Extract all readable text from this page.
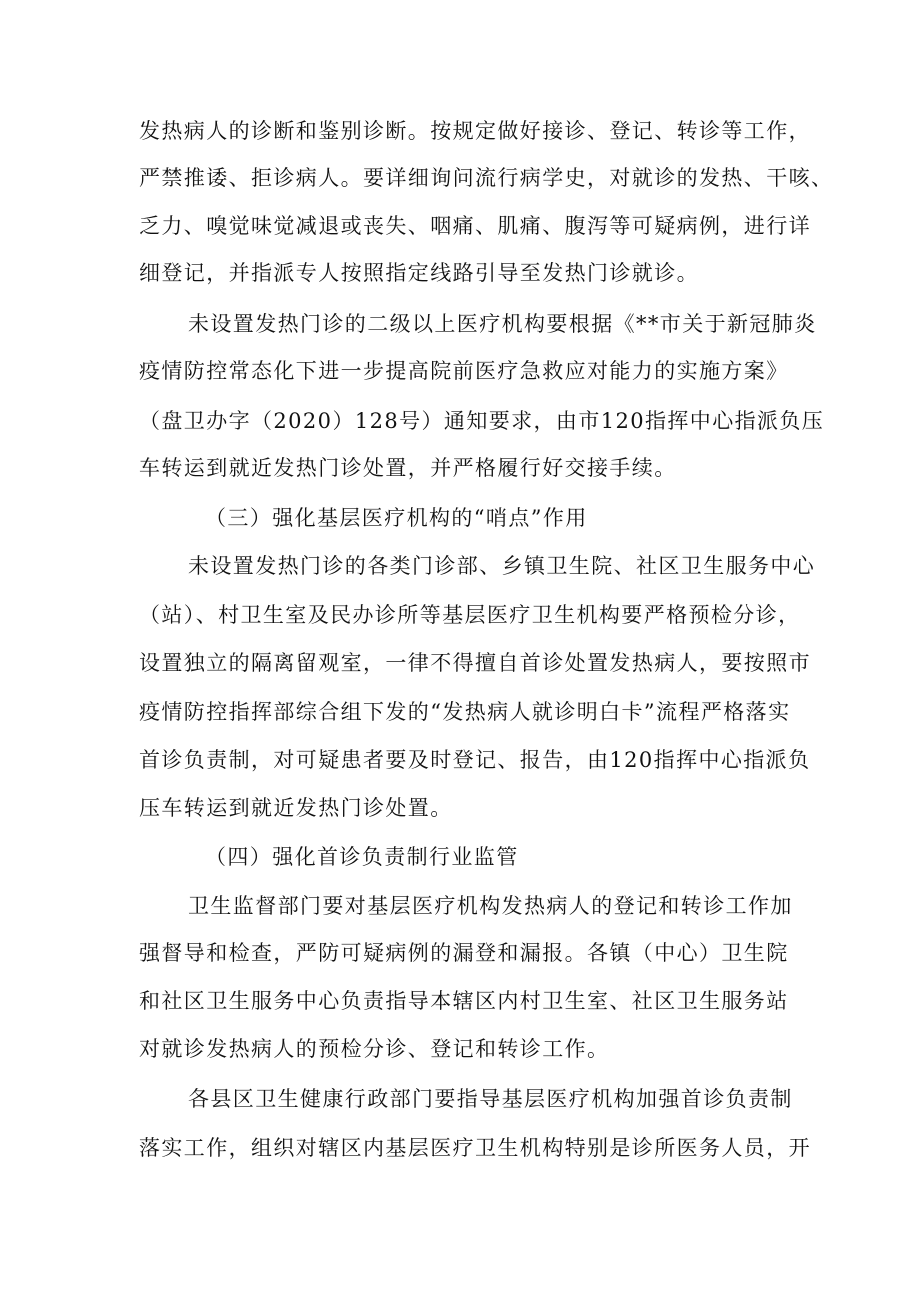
发热病人的诊断和鉴别诊断。按规定做好接诊、登记、转诊等工作，
严禁推诿、拒诊病人。要详细询问流行病学史，对就诊的发热、干咳、
乏力、嗅觉味觉减退或丧失、咽痛、肌痛、腹泻等可疑病例，进行详
细登记，并指派专人按照指定线路引导至发热门诊就诊。
未设置发热门诊的二级以上医疗机构要根据《**市关于新冠肺炎
疫情防控常态化下进一步提高院前医疗急救应对能力的实施方案》
（盘卫办字（2020）128号）通知要求，由市120指挥中心指派负压
车转运到就近发热门诊处置，并严格履行好交接手续。
（三）强化基层医疗机构的“哨点”作用
未设置发热门诊的各类门诊部、乡镇卫生院、社区卫生服务中心
（站）、村卫生室及民办诊所等基层医疗卫生机构要严格预检分诊，
设置独立的隔离留观室，一律不得擅自首诊处置发热病人，要按照市
疫情防控指挥部综合组下发的“发热病人就诊明白卡”流程严格落实
首诊负责制，对可疑患者要及时登记、报告，由120指挥中心指派负
压车转运到就近发热门诊处置。
（四）强化首诊负责制行业监管
卫生监督部门要对基层医疗机构发热病人的登记和转诊工作加
强督导和检查，严防可疑病例的漏登和漏报。各镇（中心）卫生院
和社区卫生服务中心负责指导本辖区内村卫生室、社区卫生服务站
对就诊发热病人的预检分诊、登记和转诊工作。
各县区卫生健康行政部门要指导基层医疗机构加强首诊负责制
落实工作，组织对辖区内基层医疗卫生机构特别是诊所医务人员，开
